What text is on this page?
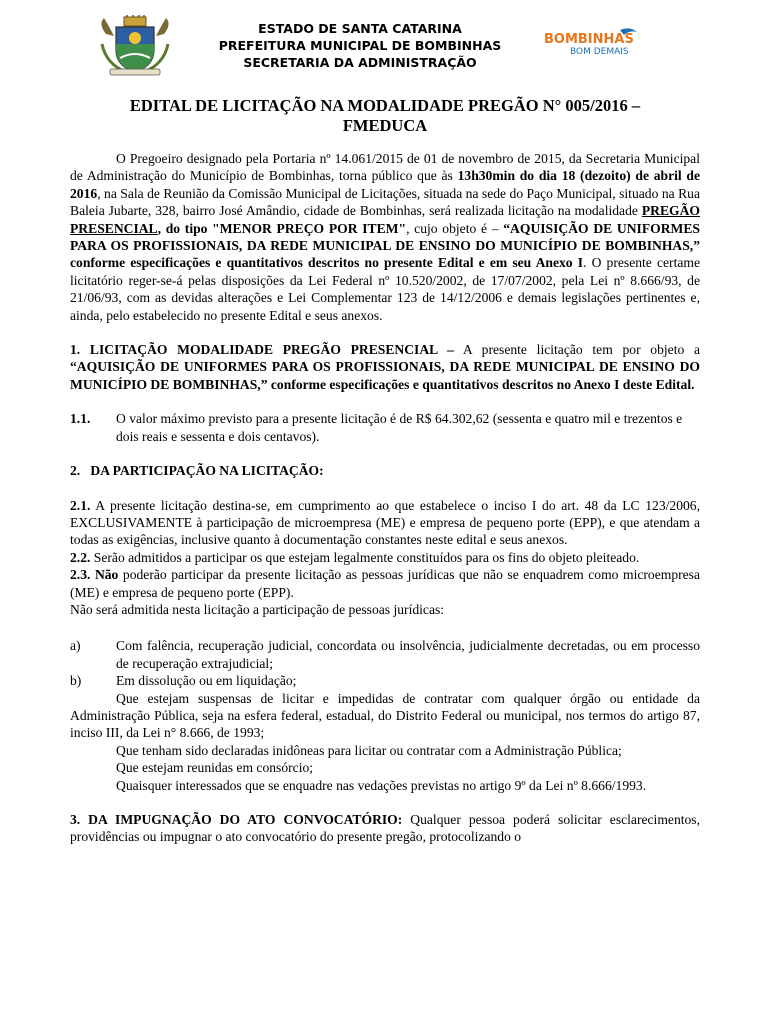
ESTADO DE SANTA CATARINA
PREFEITURA MUNICIPAL DE BOMBINHAS
SECRETARIA DA ADMINISTRAÇÃO
BOMBINHAS
BOM DEMAIS
EDITAL DE LICITAÇÃO NA MODALIDADE PREGÃO N° 005/2016 –
FMEDUCA

O Pregoeiro designado pela Portaria nº 14.061/2015 de 01 de novembro de 2015, da Secretaria Municipal de Administração do Município de Bombinhas, torna público que às 13h30min do dia 18 (dezoito) de abril de 2016, na Sala de Reunião da Comissão Municipal de Licitações, situada na sede do Paço Municipal, situado na Rua Baleia Jubarte, 328, bairro José Amândio, cidade de Bombinhas, será realizada licitação na modalidade PREGÃO PRESENCIAL, do tipo "MENOR PREÇO POR ITEM", cujo objeto é – “AQUISIÇÃO DE UNIFORMES PARA OS PROFISSIONAIS, DA REDE MUNICIPAL DE ENSINO DO MUNICÍPIO DE BOMBINHAS,” conforme especificações e quantitativos descritos no presente Edital e em seu Anexo I. O presente certame licitatório reger-se-á pelas disposições da Lei Federal nº 10.520/2002, de 17/07/2002, pela Lei nº 8.666/93, de 21/06/93, com as devidas alterações e Lei Complementar 123 de 14/12/2006 e demais legislações pertinentes e, ainda, pelo estabelecido no presente Edital e seus anexos.

1. LICITAÇÃO MODALIDADE PREGÃO PRESENCIAL – A presente licitação tem por objeto a “AQUISIÇÃO DE UNIFORMES PARA OS PROFISSIONAIS, DA REDE MUNICIPAL DE ENSINO DO MUNICÍPIO DE BOMBINHAS,” conforme especificações e quantitativos descritos no Anexo I deste Edital.

1.1.	O valor máximo previsto para a presente licitação é de R$ 64.302,62 (sessenta e quatro mil e trezentos e dois reais e sessenta e dois centavos).

2.   DA PARTICIPAÇÃO NA LICITAÇÃO:

2.1. A presente licitação destina-se, em cumprimento ao que estabelece o inciso I do art. 48 da LC 123/2006, EXCLUSIVAMENTE à participação de microempresa (ME) e empresa de pequeno porte (EPP), e que atendam a todas as exigências, inclusive quanto à documentação constantes neste edital e seus anexos.

2.2. Serão admitidos a participar os que estejam legalmente constituídos para os fins do objeto pleiteado.

2.3. Não poderão participar da presente licitação as pessoas jurídicas que não se enquadrem como microempresa (ME) e empresa de pequeno porte (EPP).

Não será admitida nesta licitação a participação de pessoas jurídicas:

a)	Com falência, recuperação judicial, concordata ou insolvência, judicialmente decretadas, ou em processo de recuperação extrajudicial;
b)	Em dissolução ou em liquidação;

Que estejam suspensas de licitar e impedidas de contratar com qualquer órgão ou entidade da Administração Pública, seja na esfera federal, estadual, do Distrito Federal ou municipal, nos termos do artigo 87, inciso III, da Lei n° 8.666, de 1993;

Que tenham sido declaradas inidôneas para licitar ou contratar com a Administração Pública;

Que estejam reunidas em consórcio;

Quaisquer interessados que se enquadre nas vedações previstas no artigo 9º da Lei nº 8.666/1993.

3. DA IMPUGNAÇÃO DO ATO CONVOCATÓRIO: Qualquer pessoa poderá solicitar esclarecimentos, providências ou impugnar o ato convocatório do presente pregão, protocolizando o
